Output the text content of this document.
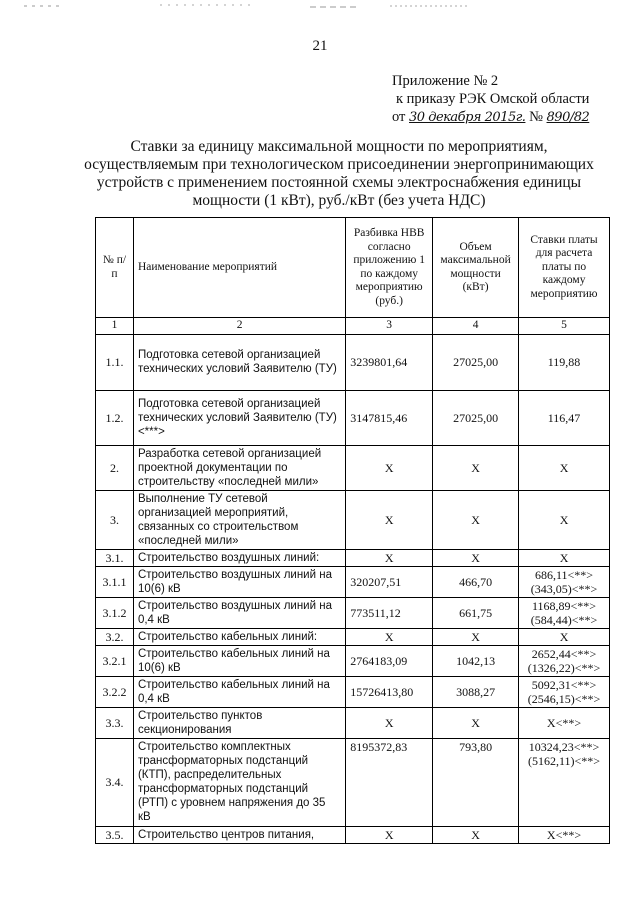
21
Приложение № 2
к приказу РЭК Омской области
от 30 декабря 2015г. № 890/82
Ставки за единицу максимальной мощности по мероприятиям, осуществляемым при технологическом присоединении энергопринимающих устройств с применением постоянной схемы электроснабжения единицы мощности (1 кВт), руб./кВт (без учета НДС)
№ п/п	Наименование мероприятий	Разбивка НВВ согласно приложению 1 по каждому мероприятию (руб.)	Объем максимальной мощности (кВт)	Ставки платы для расчета платы по каждому мероприятию
1	2	3	4	5
1.1.	Подготовка сетевой организацией технических условий Заявителю (ТУ)	3239801,64	27025,00	119,88

1.2.	Подготовка сетевой организацией технических условий Заявителю (ТУ) <***>	3147815,46	27025,00	116,47

2.	Разработка сетевой организацией проектной документации по строительству «последней мили»	X	X	X

3.	Выполнение ТУ сетевой организацией мероприятий, связанных со строительством «последней мили»	X	X	X

3.1.	Строительство воздушных линий:	X	X	X

3.1.1	Строительство воздушных линий на 10(6) кВ	320207,51	466,70	686,11<**>
(343,05)<**>

3.1.2	Строительство воздушных линий на 0,4 кВ	773511,12	661,75	1168,89<**>
(584,44)<**>

3.2.	Строительство кабельных линий:	X	X	X

3.2.1	Строительство кабельных линий на 10(6) кВ	2764183,09	1042,13	2652,44<**>
(1326,22)<**>

3.2.2	Строительство кабельных линий на 0,4 кВ	15726413,80	3088,27	5092,31<**>
(2546,15)<**>

3.3.	Строительство пунктов секционирования	X	X	X<**>

3.4.	Строительство комплектных трансформаторных подстанций (КТП), распределительных трансформаторных подстанций (РТП) с уровнем напряжения до 35 кВ	8195372,83	793,80	10324,23<**>
(5162,11)<**>

3.5.	Строительство центров питания,	X	X	X<**>
